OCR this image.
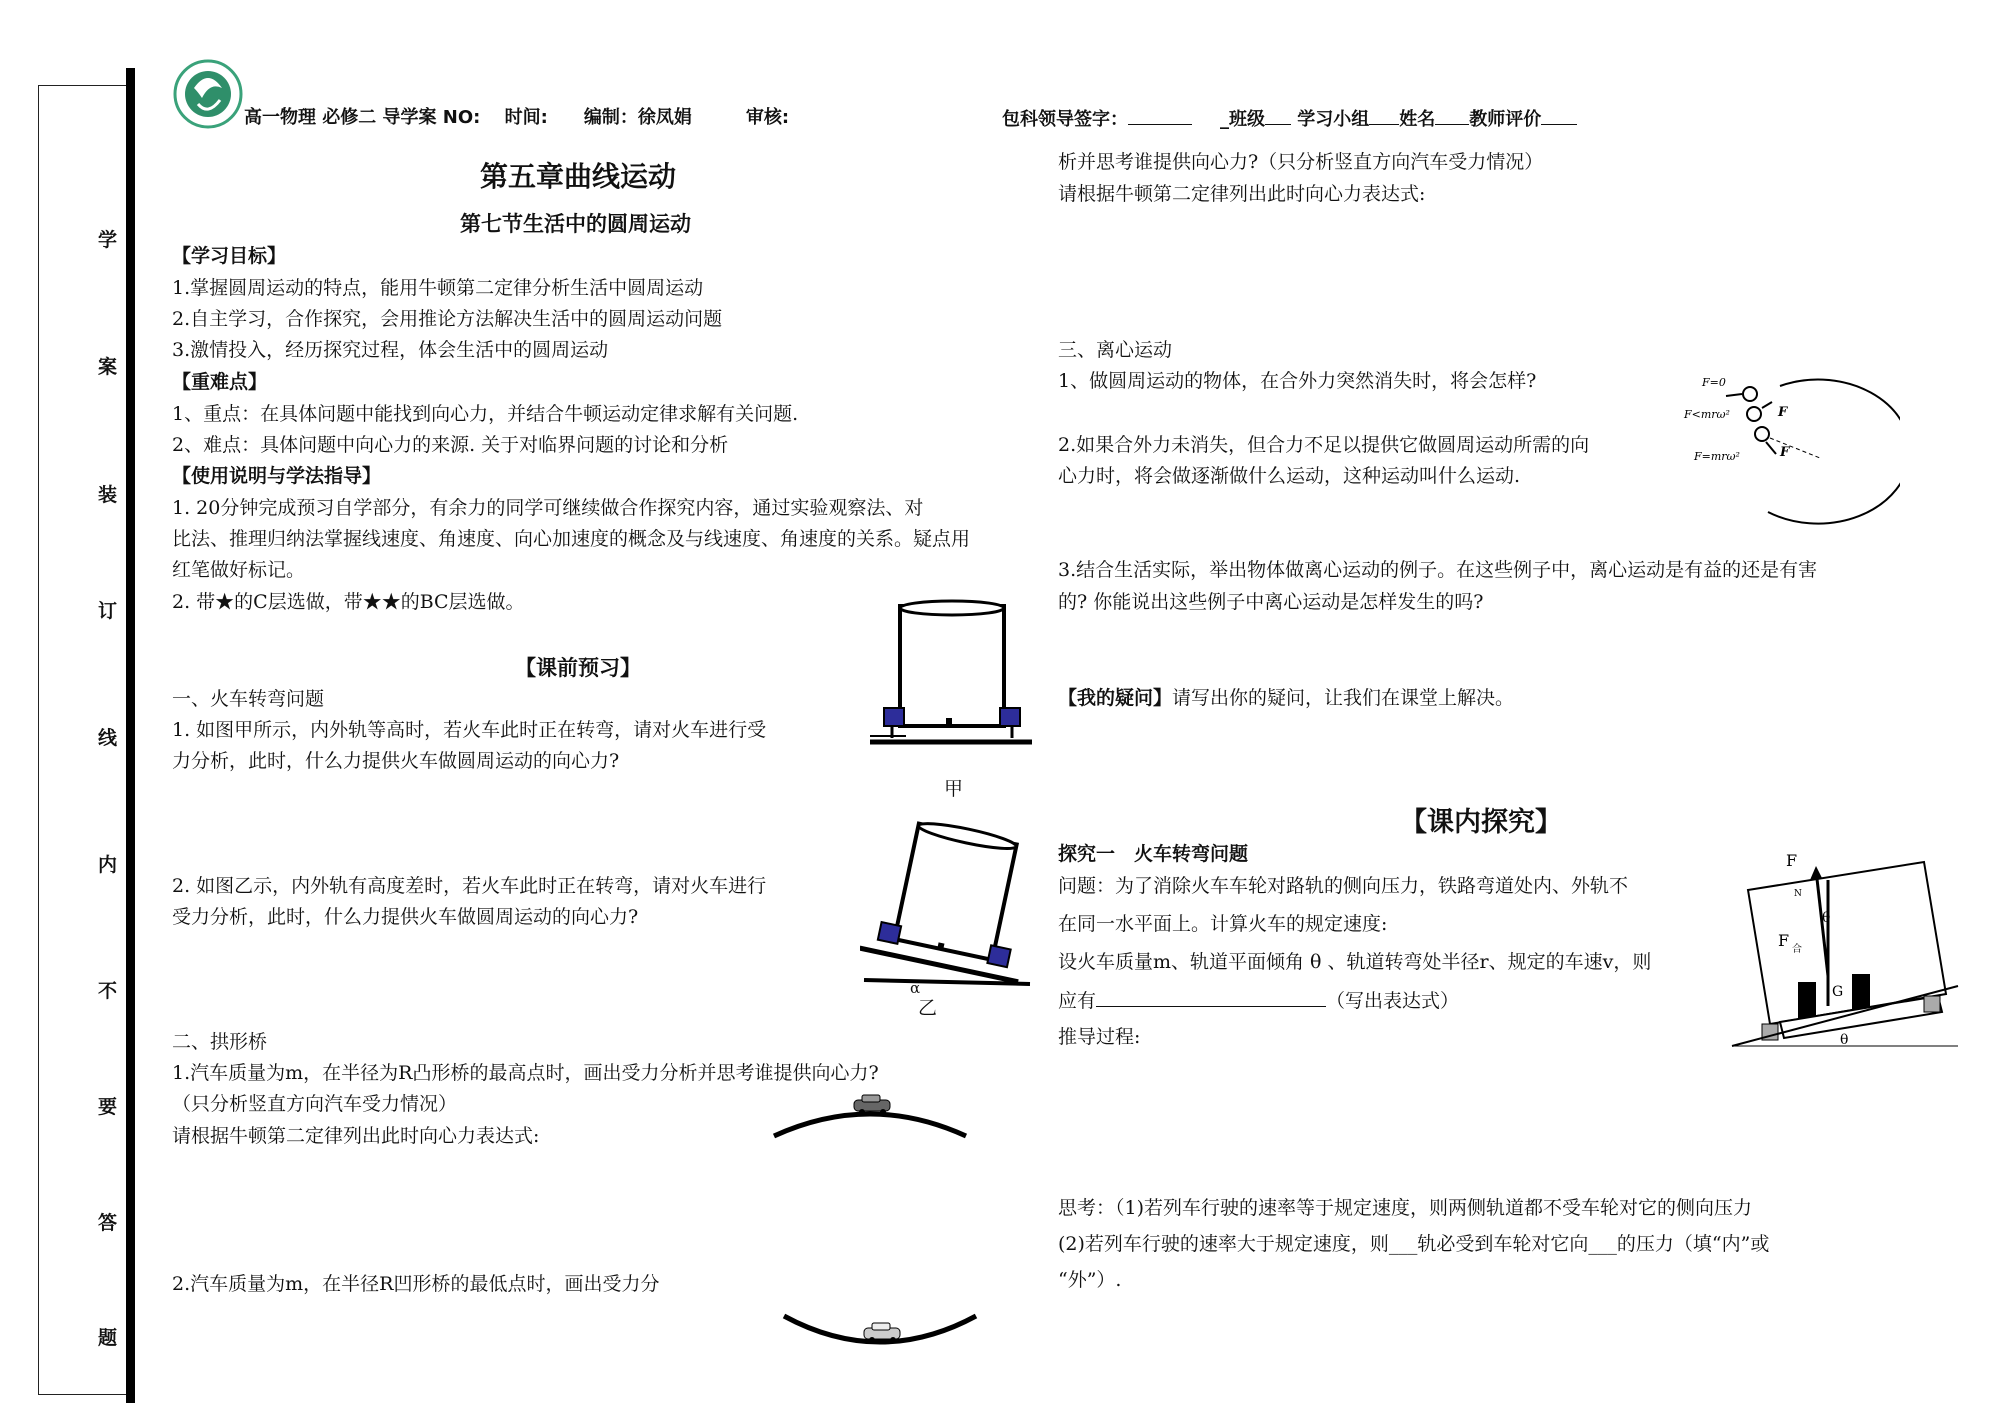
学
案
装
订
线
内
不
要
答
题
高一物理 必修二 导学案 NO:　 时间:　　编制：徐凤娟　　　审核:	包科领导签字：	_班级 学习小组 姓名 教师评价
第五章曲线运动
第七节生活中的圆周运动
【学习目标】
1.掌握圆周运动的特点，能用牛顿第二定律分析生活中圆周运动
2.自主学习，合作探究，会用推论方法解决生活中的圆周运动问题
3.激情投入，经历探究过程，体会生活中的圆周运动
【重难点】
1、重点：在具体问题中能找到向心力，并结合牛顿运动定律求解有关问题.
2、难点：具体问题中向心力的来源. 关于对临界问题的讨论和分析
【使用说明与学法指导】
1. 20分钟完成预习自学部分，有余力的同学可继续做合作探究内容，通过实验观察法、对
比法、推理归纳法掌握线速度、角速度、向心加速度的概念及与线速度、角速度的关系。疑点用
红笔做好标记。
2. 带★的C层选做，带★★的BC层选做。
【课前预习】
一、火车转弯问题
1. 如图甲所示，内外轨等高时，若火车此时正在转弯，请对火车进行受
力分析，此时，什么力提供火车做圆周运动的向心力?
甲
2. 如图乙示，内外轨有高度差时，若火车此时正在转弯，请对火车进行
受力分析，此时，什么力提供火车做圆周运动的向心力?
α
乙
二、拱形桥
1.汽车质量为m，在半径为R凸形桥的最高点时，画出受力分析并思考谁提供向心力?
（只分析竖直方向汽车受力情况）
请根据牛顿第二定律列出此时向心力表达式:
2.汽车质量为m，在半径R凹形桥的最低点时，画出受力分
析并思考谁提供向心力?（只分析竖直方向汽车受力情况）
请根据牛顿第二定律列出此时向心力表达式:
三、离心运动
1、做圆周运动的物体，在合外力突然消失时，将会怎样?
2.如果合外力未消失，但合力不足以提供它做圆周运动所需的向
心力时，将会做逐渐做什么运动，这种运动叫什么运动.
F=0
F<mrω²	F
F=mrω²	F
3.结合生活实际，举出物体做离心运动的例子。在这些例子中，离心运动是有益的还是有害
的? 你能说出这些例子中离心运动是怎样发生的吗?
【我的疑问】请写出你的疑问，让我们在课堂上解决。
【课内探究】
探究一　火车转弯问题
问题：为了消除火车车轮对路轨的侧向压力，铁路弯道处内、外轨不
在同一水平面上。计算火车的规定速度:
设火车质量m、轨道平面倾角 θ 、轨道转弯处半径r、规定的车速v，则
应有	（写出表达式）
推导过程:
F
N
θ
F 合
G
θ
思考：（1)若列车行驶的速率等于规定速度，则两侧轨道都不受车轮对它的侧向压力
(2)若列车行驶的速率大于规定速度，则___轨必受到车轮对它向___的压力（填“内”或
“外”）.
